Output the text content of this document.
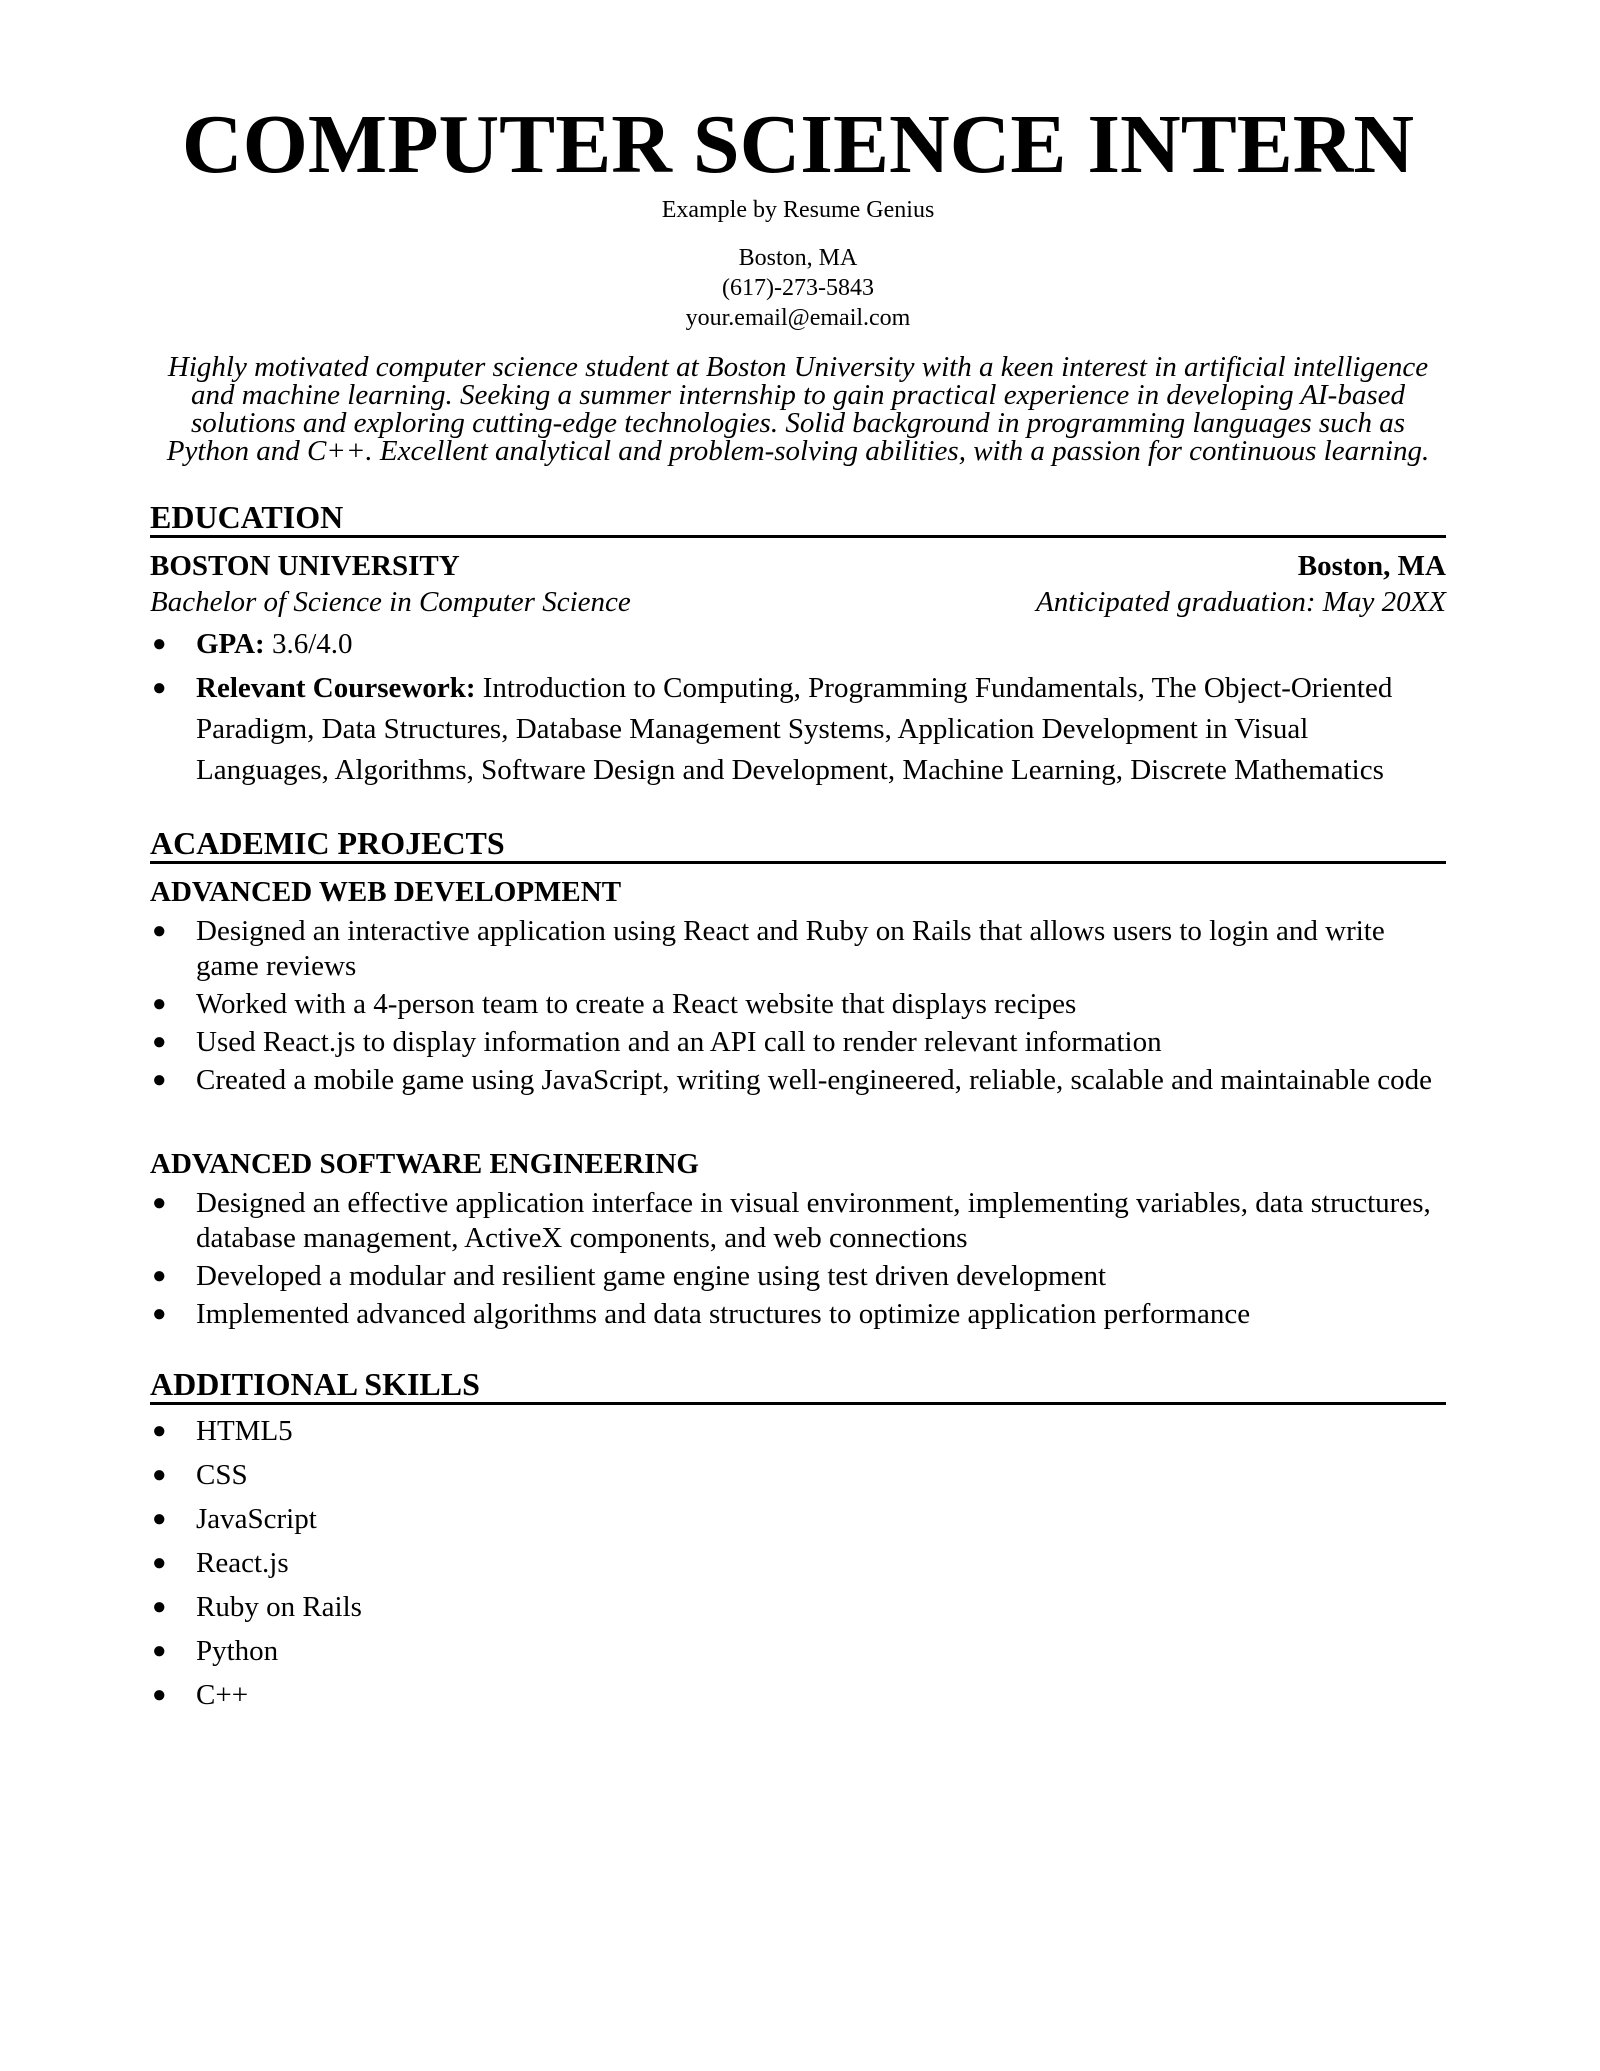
COMPUTER SCIENCE INTERN
Example by Resume Genius
Boston, MA
(617)-273-5843
your.email@email.com
Highly motivated computer science student at Boston University with a keen interest in artificial intelligence and machine learning. Seeking a summer internship to gain practical experience in developing AI-based solutions and exploring cutting-edge technologies. Solid background in programming languages such as Python and C++. Excellent analytical and problem-solving abilities, with a passion for continuous learning.
EDUCATION
BOSTON UNIVERSITY	Boston, MA
Bachelor of Science in Computer Science	Anticipated graduation: May 20XX
● GPA: 3.6/4.0
● Relevant Coursework: Introduction to Computing, Programming Fundamentals, The Object-Oriented Paradigm, Data Structures, Database Management Systems, Application Development in Visual Languages, Algorithms, Software Design and Development, Machine Learning, Discrete Mathematics
ACADEMIC PROJECTS
ADVANCED WEB DEVELOPMENT
● Designed an interactive application using React and Ruby on Rails that allows users to login and write game reviews
● Worked with a 4-person team to create a React website that displays recipes
● Used React.js to display information and an API call to render relevant information
● Created a mobile game using JavaScript, writing well-engineered, reliable, scalable and maintainable code
ADVANCED SOFTWARE ENGINEERING
● Designed an effective application interface in visual environment, implementing variables, data structures, database management, ActiveX components, and web connections
● Developed a modular and resilient game engine using test driven development
● Implemented advanced algorithms and data structures to optimize application performance
ADDITIONAL SKILLS
● HTML5
● CSS
● JavaScript
● React.js
● Ruby on Rails
● Python
● C++
